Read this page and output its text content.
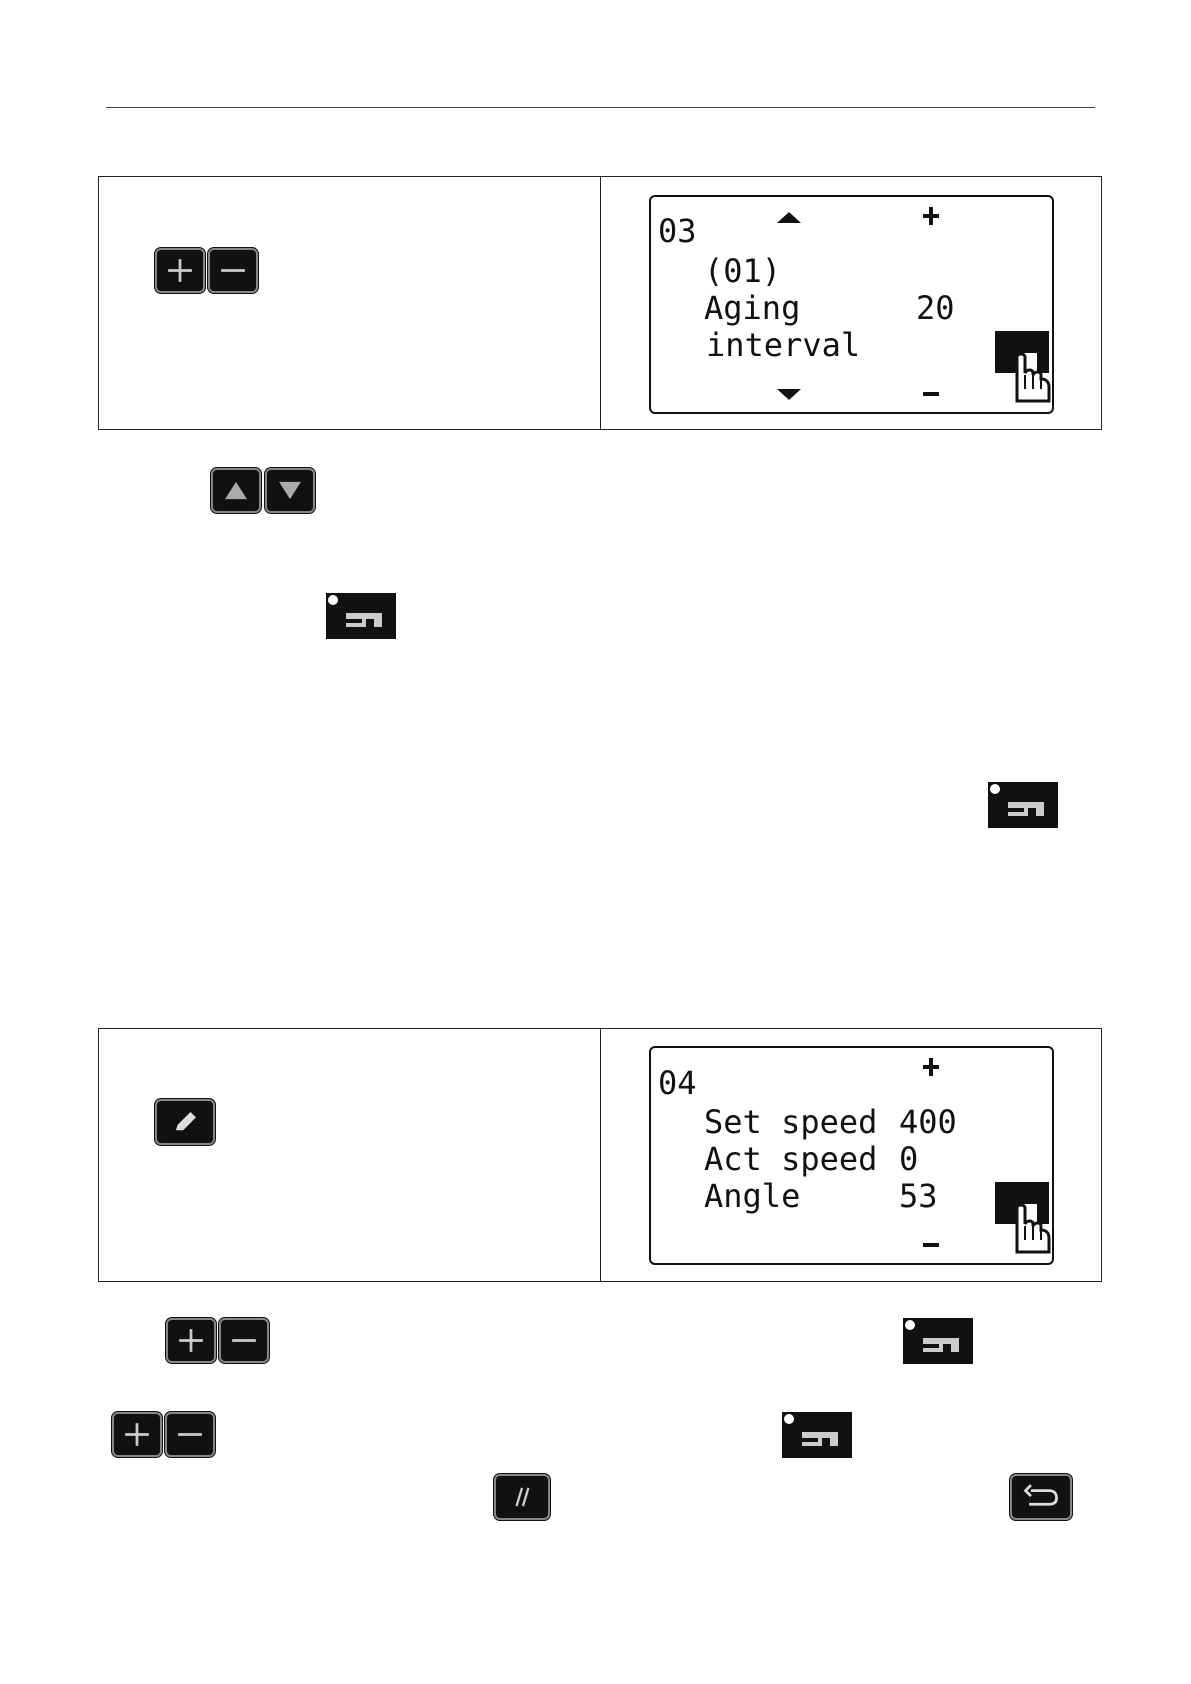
03
(01)
Aging	20
interval
04
Set speed 400
Act speed 0
Angle	53
